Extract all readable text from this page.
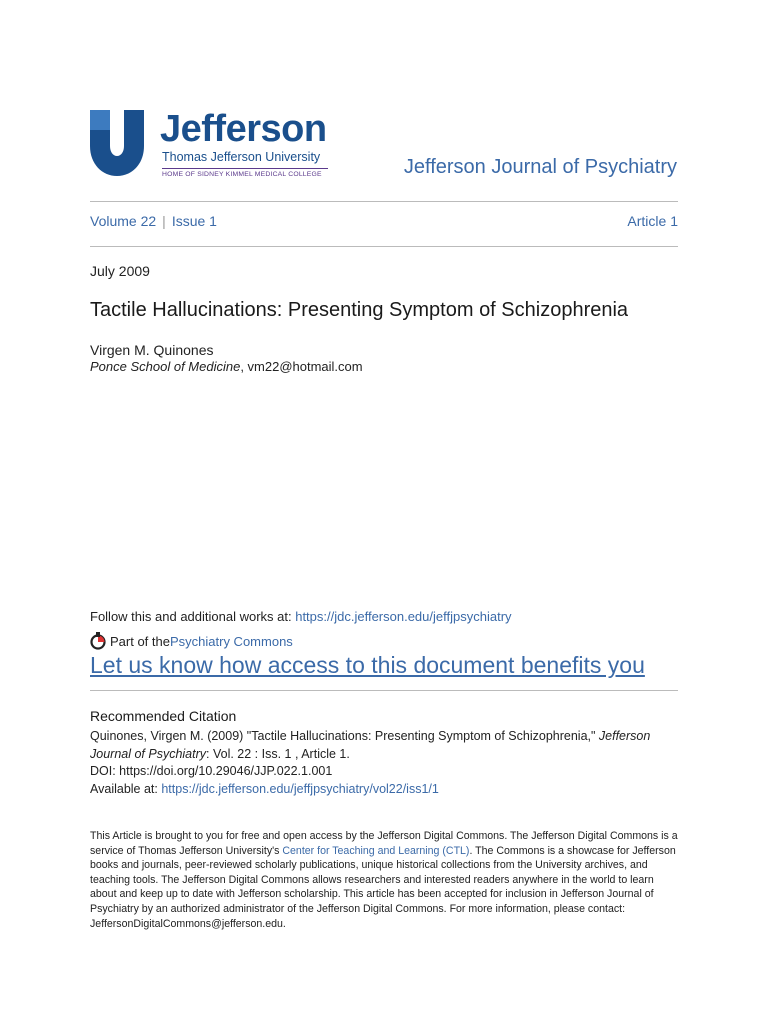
Jefferson
Thomas Jefferson University
HOME OF SIDNEY KIMMEL MEDICAL COLLEGE	Jefferson Journal of Psychiatry
Volume 22 | Issue 1	Article 1
July 2009
Tactile Hallucinations: Presenting Symptom of Schizophrenia
Virgen M. Quinones
Ponce School of Medicine, vm22@hotmail.com
Follow this and additional works at: https://jdc.jefferson.edu/jeffjpsychiatry
Part of the Psychiatry Commons
Let us know how access to this document benefits you
Recommended Citation
Quinones, Virgen M. (2009) "Tactile Hallucinations: Presenting Symptom of Schizophrenia," Jefferson Journal of Psychiatry: Vol. 22 : Iss. 1 , Article 1.
DOI: https://doi.org/10.29046/JJP.022.1.001
Available at: https://jdc.jefferson.edu/jeffjpsychiatry/vol22/iss1/1
This Article is brought to you for free and open access by the Jefferson Digital Commons. The Jefferson Digital Commons is a service of Thomas Jefferson University's Center for Teaching and Learning (CTL). The Commons is a showcase for Jefferson books and journals, peer-reviewed scholarly publications, unique historical collections from the University archives, and teaching tools. The Jefferson Digital Commons allows researchers and interested readers anywhere in the world to learn about and keep up to date with Jefferson scholarship. This article has been accepted for inclusion in Jefferson Journal of Psychiatry by an authorized administrator of the Jefferson Digital Commons. For more information, please contact: JeffersonDigitalCommons@jefferson.edu.
